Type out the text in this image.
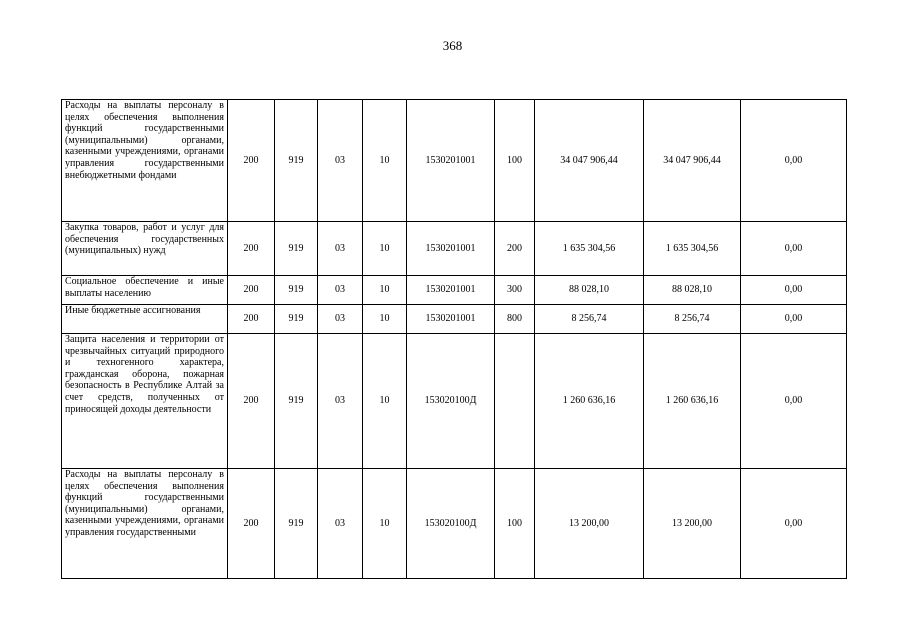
368
Расходы на выплаты персоналу в целях обеспечения выполнения функций государственными (муниципальными) органами, казенными учреждениями, органами управления государственными внебюджетными фондами	200	919	03	10	1530201001	100	34 047 906,44	34 047 906,44	0,00
Закупка товаров, работ и услуг для обеспечения государственных (муниципальных) нужд	200	919	03	10	1530201001	200	1 635 304,56	1 635 304,56	0,00
Социальное обеспечение и иные выплаты населению	200	919	03	10	1530201001	300	88 028,10	88 028,10	0,00
Иные бюджетные ассигнования	200	919	03	10	1530201001	800	8 256,74	8 256,74	0,00
Защита населения и территории от чрезвычайных ситуаций природного и техногенного характера, гражданская оборона, пожарная безопасность в Республике Алтай за счет средств, полученных от приносящей доходы деятельности	200	919	03	10	153020100Д		1 260 636,16	1 260 636,16	0,00
Расходы на выплаты персоналу в целях обеспечения выполнения функций государственными (муниципальными) органами, казенными учреждениями, органами управления государственными	200	919	03	10	153020100Д	100	13 200,00	13 200,00	0,00
